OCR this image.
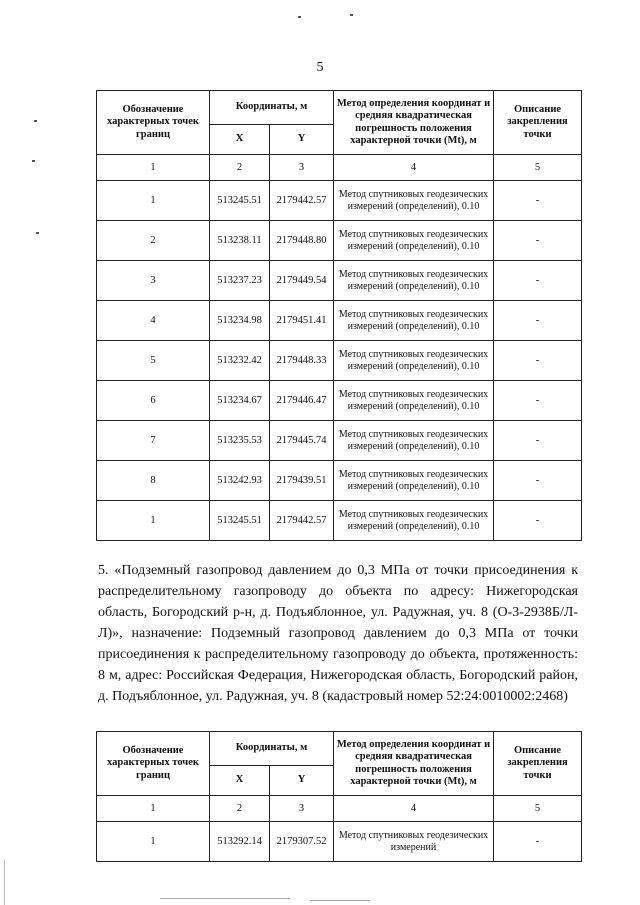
5
Обозначение характерных точек границ	Координаты, м		Метод определения координат и средняя квадратическая погрешность положения характерной точки (Mt), м	Описание закрепления точки
	X	Y		
1	2	3	4	5
1	513245.51	2179442.57	Метод спутниковых геодезических измерений (определений), 0.10	-
2	513238.11	2179448.80	Метод спутниковых геодезических измерений (определений), 0.10	-
3	513237.23	2179449.54	Метод спутниковых геодезических измерений (определений), 0.10	-
4	513234.98	2179451.41	Метод спутниковых геодезических измерений (определений), 0.10	-
5	513232.42	2179448.33	Метод спутниковых геодезических измерений (определений), 0.10	-
6	513234.67	2179446.47	Метод спутниковых геодезических измерений (определений), 0.10	-
7	513235.53	2179445.74	Метод спутниковых геодезических измерений (определений), 0.10	-
8	513242.93	2179439.51	Метод спутниковых геодезических измерений (определений), 0.10	-
1	513245.51	2179442.57	Метод спутниковых геодезических измерений (определений), 0.10	-
5. «Подземный газопровод давлением до 0,3 МПа от точки присоединения к распределительному газопроводу до объекта по адресу: Нижегородская область, Богородский р-н, д. Подъяблонное, ул. Радужная, уч. 8 (О-3-2938Б/Л-Л)», назначение: Подземный газопровод давлением до 0,3 МПа от точки присоединения к распределительному газопроводу до объекта, протяженность: 8 м, адрес: Российская Федерация, Нижегородская область, Богородский район, д. Подъяблонное, ул. Радужная, уч. 8 (кадастровый номер 52:24:0010002:2468)
Обозначение характерных точек границ	Координаты, м		Метод определения координат и средняя квадратическая погрешность положения характерной точки (Mt), м	Описание закрепления точки
	X	Y		
1	2	3	4	5
1	513292.14	2179307.52	Метод спутниковых геодезических измерений	-
